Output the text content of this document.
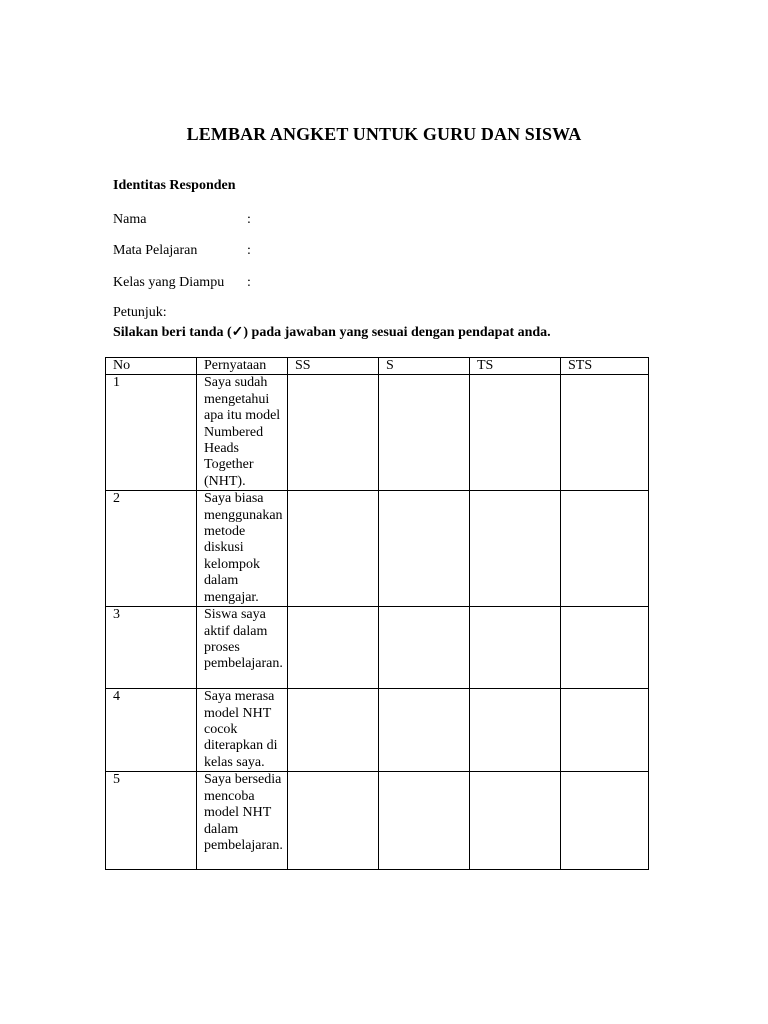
LEMBAR ANGKET UNTUK GURU DAN SISWA
Identitas Responden
Nama	:
Mata Pelajaran	:
Kelas yang Diampu :
Petunjuk:
Silakan beri tanda (✓) pada jawaban yang sesuai dengan pendapat anda.
No	Pernyataan	SS	S	TS	STS
1	Saya sudah mengetahui apa itu model Numbered Heads Together (NHT).				

2	Saya biasa menggunakan metode diskusi kelompok dalam mengajar.				

3	Siswa saya aktif dalam proses pembelajaran.				

4	Saya merasa model NHT cocok diterapkan di kelas saya.				

5	Saya bersedia mencoba model NHT dalam pembelajaran.				
